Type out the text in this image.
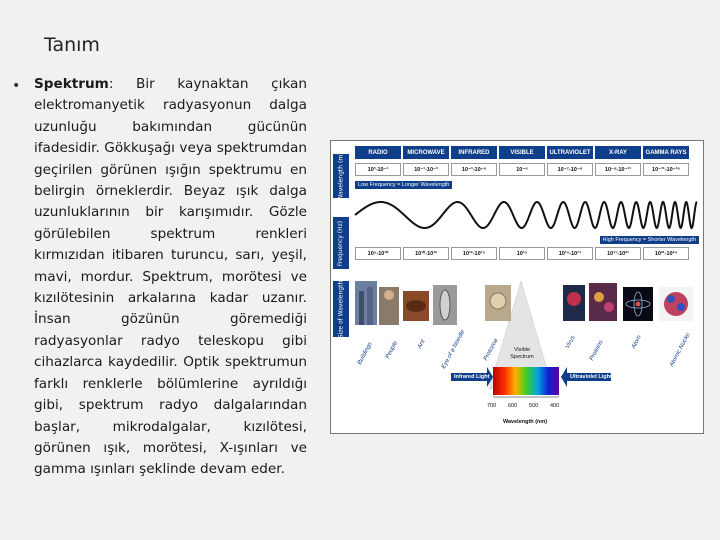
Tanım
• Spektrum: Bir kaynaktan çıkan elektromanyetik radyasyonun dalga uzunluğu bakımından gücünün ifadesidir. Gökkuşağı veya spektrumdan geçirilen görünen ışığın spektrumu en belirgin örneklerdir. Beyaz ışık dalga uzunluklarının bir karışımıdır. Gözle görülebilen spektrum renkleri kırmızıdan itibaren turuncu, sarı, yeşil, mavi, mordur. Spektrum, morötesi ve kızılötesinin arkalarına kadar uzanır. İnsan gözünün göremediği radyasyonlar radyo teleskopu gibi cihazlarca kaydedilir. Optik spektrumun farklı renklerle bölümlerine ayrıldığı gibi, spektrum radyo dalgalarından başlar, mikrodalgalar, kızılötesi, görünen ışık, morötesi, X-ışınları ve gamma ışınları şeklinde devam eder.
Wavelength (m)
Frequency (Hz)
Size of Wavelength
RADIO	MICROWAVE	INFRARED	VISIBLE	ULTRAVIOLET	X-RAY	GAMMA RAYS
10³-10⁻¹	10⁻¹-10⁻³	10⁻³-10⁻⁶	10⁻⁶	10⁻⁷-10⁻⁸	10⁻⁸-10⁻¹¹	10⁻¹¹-10⁻¹⁶
Low Frequency = Longer Wavelength
High Frequency = Shorter Wavelength
10⁵-10¹⁰	10¹⁰-10¹²	10¹²-10¹⁵	10¹⁵	10¹⁵-10¹⁷	10¹⁷-10²¹	10²¹-10²⁴
Buildings People	Ant Eye of a Needle	Protozoa	Virus Proteins	Atom	Atomic Nuclei
Visible Spectrum
Infrared Light	Ultraviolet Light
700 600 500 400
Wavelength (nm)
